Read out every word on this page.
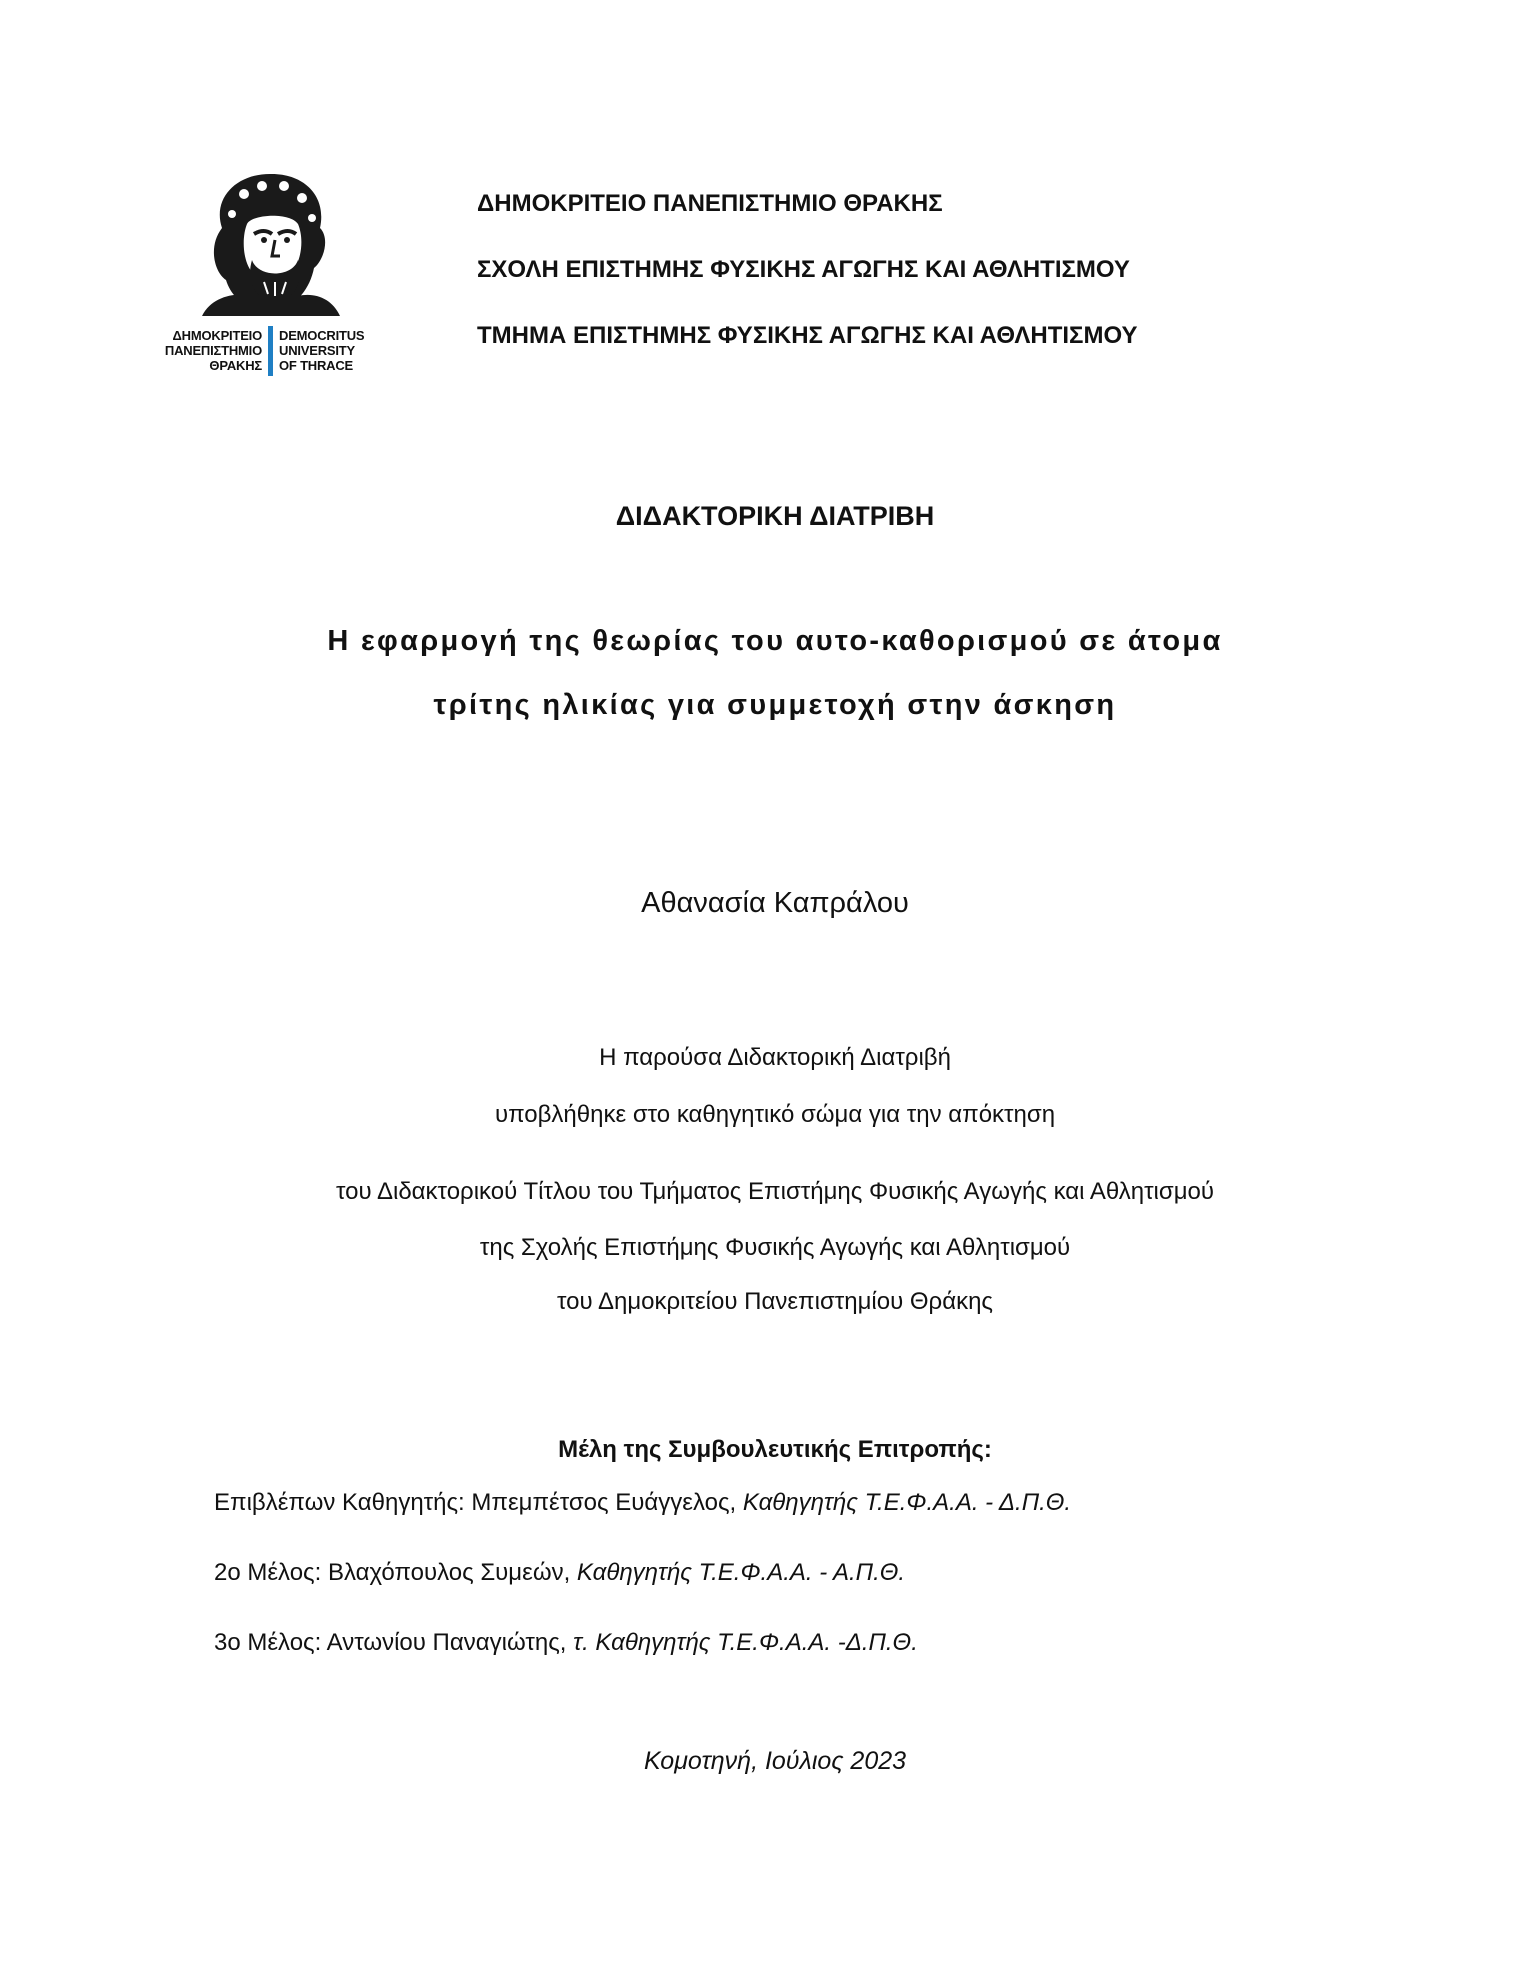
ΔΗΜΟΚΡΙΤΕΙΟ
ΠΑΝΕΠΙΣΤΗΜΙΟ
ΘΡΑΚΗΣ
DEMOCRITUS
UNIVERSITY
OF THRACE
ΔΗΜΟΚΡΙΤΕΙΟ ΠΑΝΕΠΙΣΤΗΜΙΟ ΘΡΑΚΗΣ
ΣΧΟΛΗ ΕΠΙΣΤΗΜΗΣ ΦΥΣΙΚΗΣ ΑΓΩΓΗΣ ΚΑΙ ΑΘΛΗΤΙΣΜΟΥ
ΤΜΗΜΑ ΕΠΙΣΤΗΜΗΣ ΦΥΣΙΚΗΣ ΑΓΩΓΗΣ ΚΑΙ ΑΘΛΗΤΙΣΜΟΥ
ΔΙΔΑΚΤΟΡΙΚΗ ΔΙΑΤΡΙΒΗ
Η εφαρμογή της θεωρίας του αυτο-καθορισμού σε άτομα
τρίτης ηλικίας για συμμετοχή στην άσκηση
Αθανασία Καπράλου
Η παρούσα Διδακτορική Διατριβή
υποβλήθηκε στο καθηγητικό σώμα για την απόκτηση
του Διδακτορικού Τίτλου του Τμήματος Επιστήμης Φυσικής Αγωγής και Αθλητισμού
της Σχολής Επιστήμης Φυσικής Αγωγής και Αθλητισμού
του Δημοκριτείου Πανεπιστημίου Θράκης
Μέλη της Συμβουλευτικής Επιτροπής:
Επιβλέπων Καθηγητής: Μπεμπέτσος Ευάγγελος, Καθηγητής Τ.Ε.Φ.Α.Α. - Δ.Π.Θ.
2ο Μέλος: Βλαχόπουλος Συμεών, Καθηγητής Τ.Ε.Φ.Α.Α. - Α.Π.Θ.
3ο Μέλος: Αντωνίου Παναγιώτης, τ. Καθηγητής Τ.Ε.Φ.Α.Α. -Δ.Π.Θ.
Κομοτηνή, Ιούλιος 2023
